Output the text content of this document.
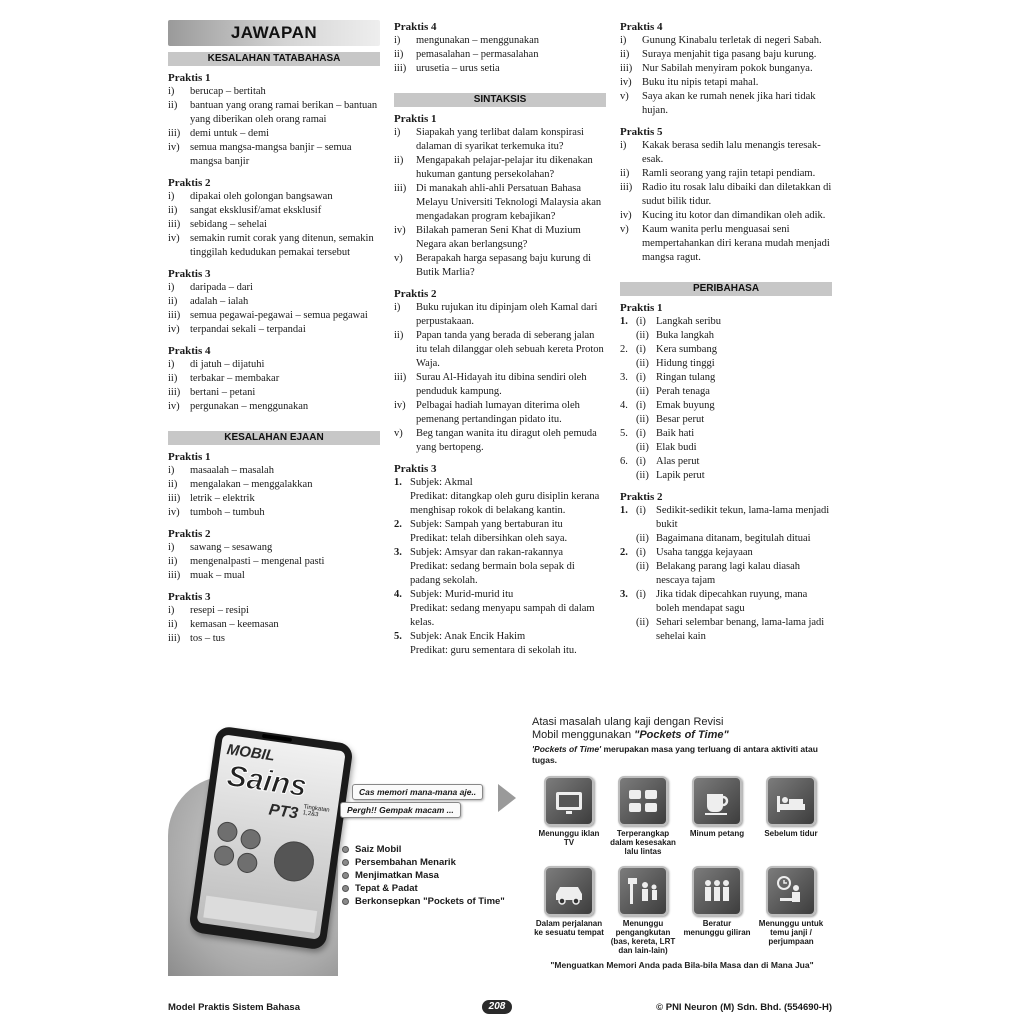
JAWAPAN
KESALAHAN TATABAHASA
Praktis 1
i)	berucap – bertitah
ii)	bantuan yang orang ramai berikan – bantuan yang diberikan oleh orang ramai
iii) demi untuk – demi
iv) semua mangsa-mangsa banjir – semua mangsa banjir
Praktis 2
i)	dipakai oleh golongan bangsawan
ii)	sangat eksklusif/amat eksklusif
iii) sebidang – sehelai
iv) semakin rumit corak yang ditenun, semakin tinggilah kedudukan pemakai tersebut
Praktis 3
i)	daripada – dari
ii)	adalah – ialah
iii) semua pegawai-pegawai – semua pegawai
iv) terpandai sekali – terpandai
Praktis 4
i)	di jatuh – dijatuhi
ii)	terbakar – membakar
iii) bertani – petani
iv) pergunakan – menggunakan
KESALAHAN EJAAN
Praktis 1
i)	masaalah – masalah
ii)	mengalakan – menggalakkan
iii) letrik – elektrik
iv) tumboh – tumbuh
Praktis 2
i)	sawang – sesawang
ii)	mengenalpasti – mengenal pasti
iii) muak – mual
Praktis 3
i)	resepi – resipi
ii)	kemasan – keemasan
iii) tos – tus
Praktis 4
i)	mengunakan – menggunakan
ii)	pemasalahan – permasalahan
iii) urusetia – urus setia
SINTAKSIS
Praktis 1
i)	Siapakah yang terlibat dalam konspirasi dalaman di syarikat terkemuka itu?
ii)	Mengapakah pelajar-pelajar itu dikenakan hukuman gantung persekolahan?
iii) Di manakah ahli-ahli Persatuan Bahasa Melayu Universiti Teknologi Malaysia akan mengadakan program kebajikan?
iv) Bilakah pameran Seni Khat di Muzium Negara akan berlangsung?
v)	Berapakah harga sepasang baju kurung di Butik Marlia?
Praktis 2
i)	Buku rujukan itu dipinjam oleh Kamal dari perpustakaan.
ii)	Papan tanda yang berada di seberang jalan itu telah dilanggar oleh sebuah kereta Proton Waja.
iii) Surau Al-Hidayah itu dibina sendiri oleh penduduk kampung.
iv) Pelbagai hadiah lumayan diterima oleh pemenang pertandingan pidato itu.
v)	Beg tangan wanita itu diragut oleh pemuda yang bertopeng.
Praktis 3
1. Subjek: Akmal
Predikat: ditangkap oleh guru disiplin kerana menghisap rokok di belakang kantin.
2. Subjek: Sampah yang bertaburan itu
Predikat: telah dibersihkan oleh saya.
3. Subjek: Amsyar dan rakan-rakannya
Predikat: sedang bermain bola sepak di padang sekolah.
4. Subjek: Murid-murid itu
Predikat: sedang menyapu sampah di dalam kelas.
5. Subjek: Anak Encik Hakim
Predikat: guru sementara di sekolah itu.
Praktis 4
i)	Gunung Kinabalu terletak di negeri Sabah.
ii)	Suraya menjahit tiga pasang baju kurung.
iii) Nur Sabilah menyiram pokok bunganya.
iv) Buku itu nipis tetapi mahal.
v)	Saya akan ke rumah nenek jika hari tidak hujan.
Praktis 5
i)	Kakak berasa sedih lalu menangis teresak-esak.
ii)	Ramli seorang yang rajin tetapi pendiam.
iii) Radio itu rosak lalu dibaiki dan diletakkan di sudut bilik tidur.
iv) Kucing itu kotor dan dimandikan oleh adik.
v)	Kaum wanita perlu menguasai seni mempertahankan diri kerana mudah menjadi mangsa ragut.
PERIBAHASA
Praktis 1
1. (i) Langkah seribu
(ii) Buka langkah
2. (i) Kera sumbang
(ii) Hidung tinggi
3. (i) Ringan tulang
(ii) Perah tenaga
4. (i) Emak buyung
(ii) Besar perut
5. (i) Baik hati
(ii) Elak budi
6. (i) Alas perut
(ii) Lapik perut
Praktis 2
1. (i) Sedikit-sedikit tekun, lama-lama menjadi bukit
(ii) Bagaimana ditanam, begitulah dituai
2. (i) Usaha tangga kejayaan
(ii) Belakang parang lagi kalau diasah nescaya tajam
3. (i) Jika tidak dipecahkan ruyung, mana boleh mendapat sagu
(ii) Sehari selembar benang, lama-lama jadi sehelai kain
MOBIL
Sains
PT3 Tingkatan 1,2&3
Cas memori mana-mana aje..
Pergh!! Gempak macam ...
Saiz Mobil
Persembahan Menarik
Menjimatkan Masa
Tepat & Padat
Berkonsepkan "Pockets of Time"
Atasi masalah ulang kaji dengan Revisi
Mobil menggunakan "Pockets of Time"
'Pockets of Time' merupakan masa yang terluang di antara aktiviti atau tugas.
Menunggu iklan TV
Terperangkap dalam kesesakan lalu lintas
Minum petang	Sebelum tidur
Dalam perjalanan ke sesuatu tempat
Menunggu pengangkutan (bas, kereta, LRT dan lain-lain)
Beratur menunggu giliran
Menunggu untuk temu janji / perjumpaan
"Menguatkan Memori Anda pada Bila-bila Masa dan di Mana Jua"
Model Praktis Sistem Bahasa	208	© PNI Neuron (M) Sdn. Bhd. (554690-H)
